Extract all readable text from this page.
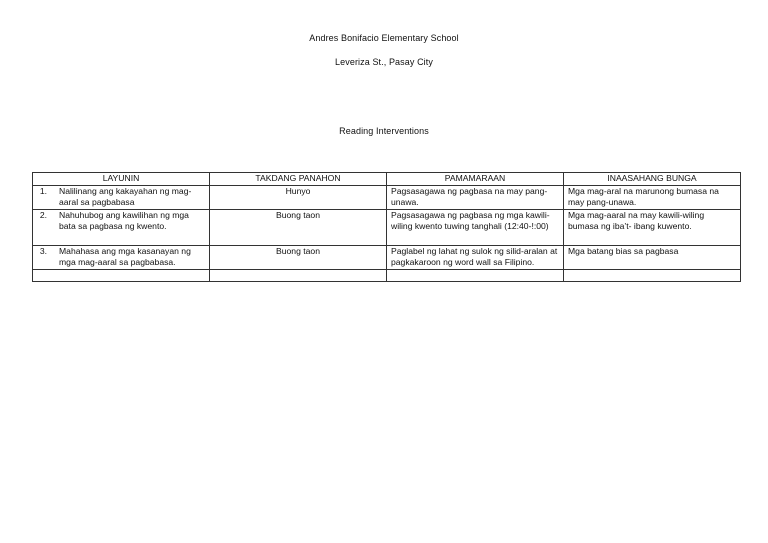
Andres Bonifacio Elementary School
Leveriza St., Pasay City
Reading Interventions
LAYUNIN	TAKDANG PANAHON	PAMAMARAAN	INAASAHANG BUNGA

1. Nalilinang ang kakayahan ng mag-aaral sa pagbabasa	Hunyo	Pagsasagawa ng pagbasa na may pang-unawa.	Mga mag-aral na marunong bumasa na may pang-unawa.

2. Nahuhubog ang kawilihan ng mga bata sa pagbasa ng kwento.	Buong taon	Pagsasagawa ng pagbasa ng mga kawili-wiling kwento tuwing tanghali (12:40-!:00)	Mga mag-aaral na may kawili-wiling bumasa ng iba’t- ibang kuwento.

3. Mahahasa ang mga kasanayan ng mga mag-aaral sa pagbabasa.	Buong taon	Paglabel ng lahat ng sulok ng silid-aralan at pagkakaroon ng word wall sa Filipino.	Mga batang bias sa pagbasa
